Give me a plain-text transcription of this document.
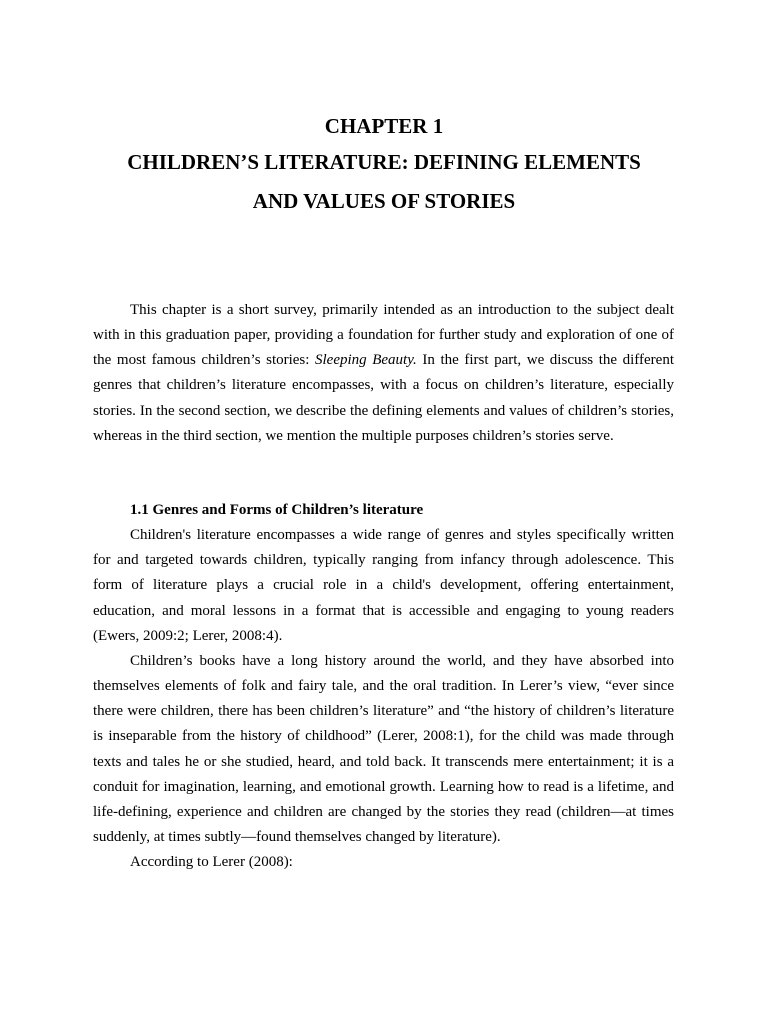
CHAPTER 1
CHILDREN’S LITERATURE: DEFINING ELEMENTS
AND VALUES OF STORIES

This chapter is a short survey, primarily intended as an introduction to the subject dealt with in this graduation paper, providing a foundation for further study and exploration of one of the most famous children’s stories: Sleeping Beauty. In the first part, we discuss the different genres that children’s literature encompasses, with a focus on children’s literature, especially stories. In the second section, we describe the defining elements and values of children’s stories, whereas in the third section, we mention the multiple purposes children’s stories serve.

1.1 Genres and Forms of Children’s literature

Children's literature encompasses a wide range of genres and styles specifically written for and targeted towards children, typically ranging from infancy through adolescence. This form of literature plays a crucial role in a child's development, offering entertainment, education, and moral lessons in a format that is accessible and engaging to young readers (Ewers, 2009:2; Lerer, 2008:4).

Children’s books have a long history around the world, and they have absorbed into themselves elements of folk and fairy tale, and the oral tradition. In Lerer’s view, “ever since there were children, there has been children’s literature” and “the history of children’s literature is inseparable from the history of childhood” (Lerer, 2008:1), for the child was made through texts and tales he or she studied, heard, and told back. It transcends mere entertainment; it is a conduit for imagination, learning, and emotional growth. Learning how to read is a lifetime, and life-defining, experience and children are changed by the stories they read (children—at times suddenly, at times subtly—found themselves changed by literature).

According to Lerer (2008):
